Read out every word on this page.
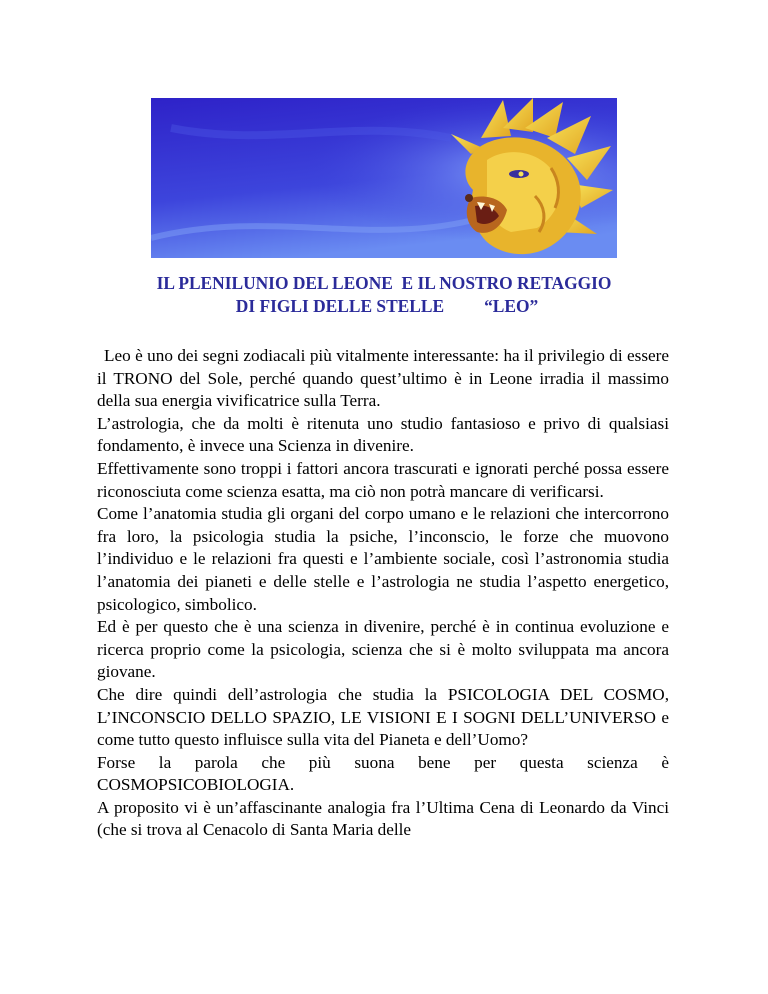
IL PLENILUNIO DEL LEONE  E IL NOSTRO RETAGGIO
DI FIGLI DELLE STELLE “LEO”

Leo è uno dei segni zodiacali più vitalmente interessante: ha il privilegio di essere il TRONO del Sole, perché quando quest’ultimo è in Leone irradia il massimo della sua energia vivificatrice sulla Terra.

L’astrologia, che da molti è ritenuta uno studio fantasioso e privo di qualsiasi fondamento, è invece una Scienza in divenire.

Effettivamente sono troppi i fattori ancora trascurati e ignorati perché possa essere riconosciuta come scienza esatta, ma ciò non potrà mancare di verificarsi.

Come l’anatomia studia gli organi del corpo umano e le relazioni che intercorrono fra loro, la psicologia studia la psiche, l’inconscio, le forze che muovono l’individuo e le relazioni fra questi e l’ambiente sociale, così l’astronomia studia l’anatomia dei pianeti e delle stelle e l’astrologia ne studia l’aspetto energetico, psicologico, simbolico.

Ed è per questo che è una scienza in divenire, perché è in continua evoluzione e ricerca proprio come la psicologia, scienza che si è molto sviluppata ma ancora giovane.

Che dire quindi dell’astrologia che studia la PSICOLOGIA DEL COSMO, L’INCONSCIO DELLO SPAZIO, LE VISIONI E I SOGNI DELL’UNIVERSO e come tutto questo influisce sulla vita del Pianeta e dell’Uomo?

Forse la parola che più suona bene per questa scienza è COSMOPSICOBIOLOGIA.

A proposito vi è un’affascinante analogia fra l’Ultima Cena di Leonardo da Vinci (che si trova al Cenacolo di Santa Maria delle
